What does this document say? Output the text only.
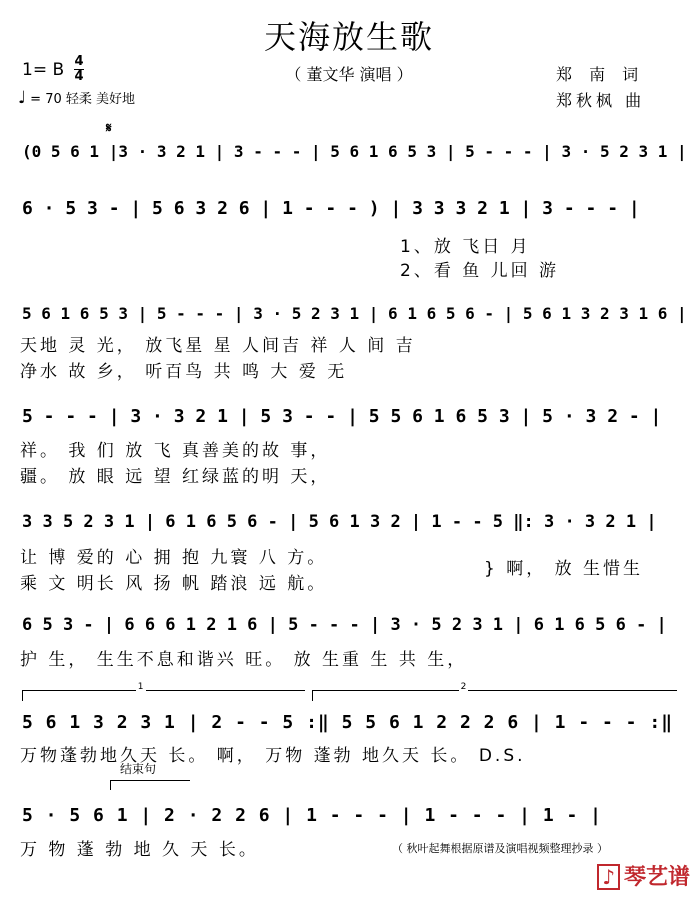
天海放生歌
1= B 4
4	（ 董文华 演唱 ）	郑 南 词
郑秋枫 曲
♩ = 70 轻柔 美好地
𝄋
(0 5 6 1 |3 · 3 2 1 | 3 - - - | 5 6 1 6 5 3 | 5 - - - | 3 · 5 2 3 1 |
6 · 5 3 - | 5 6 3 2 6 | 1 - - - ) | 3 3 3 2 1 | 3 - - - |
5 6 1 6 5 3 | 5 - - - | 3 · 5 2 3 1 | 6 1 6 5 6 - | 5 6 1 3 2 3 1 6 |
5 - - - | 3 · 3 2 1 | 5 3 - - | 5 5 6 1 6 5 3 | 5 · 3 2 - |
3 3 5 2 3 1 | 6 1 6 5 6 - | 5 6 1 3 2 | 1 - - 5 ‖: 3 · 3 2 1 |
6 5 3 - | 6 6 6 1 2 1 6 | 5 - - - | 3 · 5 2 3 1 | 6 1 6 5 6 - |
5 6 1 3 2 3 1 | 2 - - 5 :‖ 5 5 6 1 2 2 2 6 | 1 - - - :‖
5 · 5 6 1 | 2 · 2 2 6 | 1 - - - | 1 - - - | 1 - |
1、放 飞日 月
2、看 鱼 儿回 游
天地 灵 光， 放飞星 星 人间吉 祥 人 间 吉
净水 故 乡， 听百鸟 共 鸣 大 爱 无
祥。 我 们 放 飞 真善美的故 事，
疆。 放 眼 远 望 红绿蓝的明 天，
让 博 爱的 心 拥 抱 九寰 八 方。
乘 文 明长 风 扬 帆 踏浪 远 航。
} 啊， 放 生惜生
护 生， 生生不息和谐兴 旺。 放 生重 生 共 生，
万物蓬勃地久天 长。 啊， 万物 蓬勃 地久天 长。 D.S.
万 物 蓬 勃 地 久 天 长。
1	2
结束句
（ 秋叶起舞根据原谱及演唱视频整理抄录 ）
♪ 琴艺谱
